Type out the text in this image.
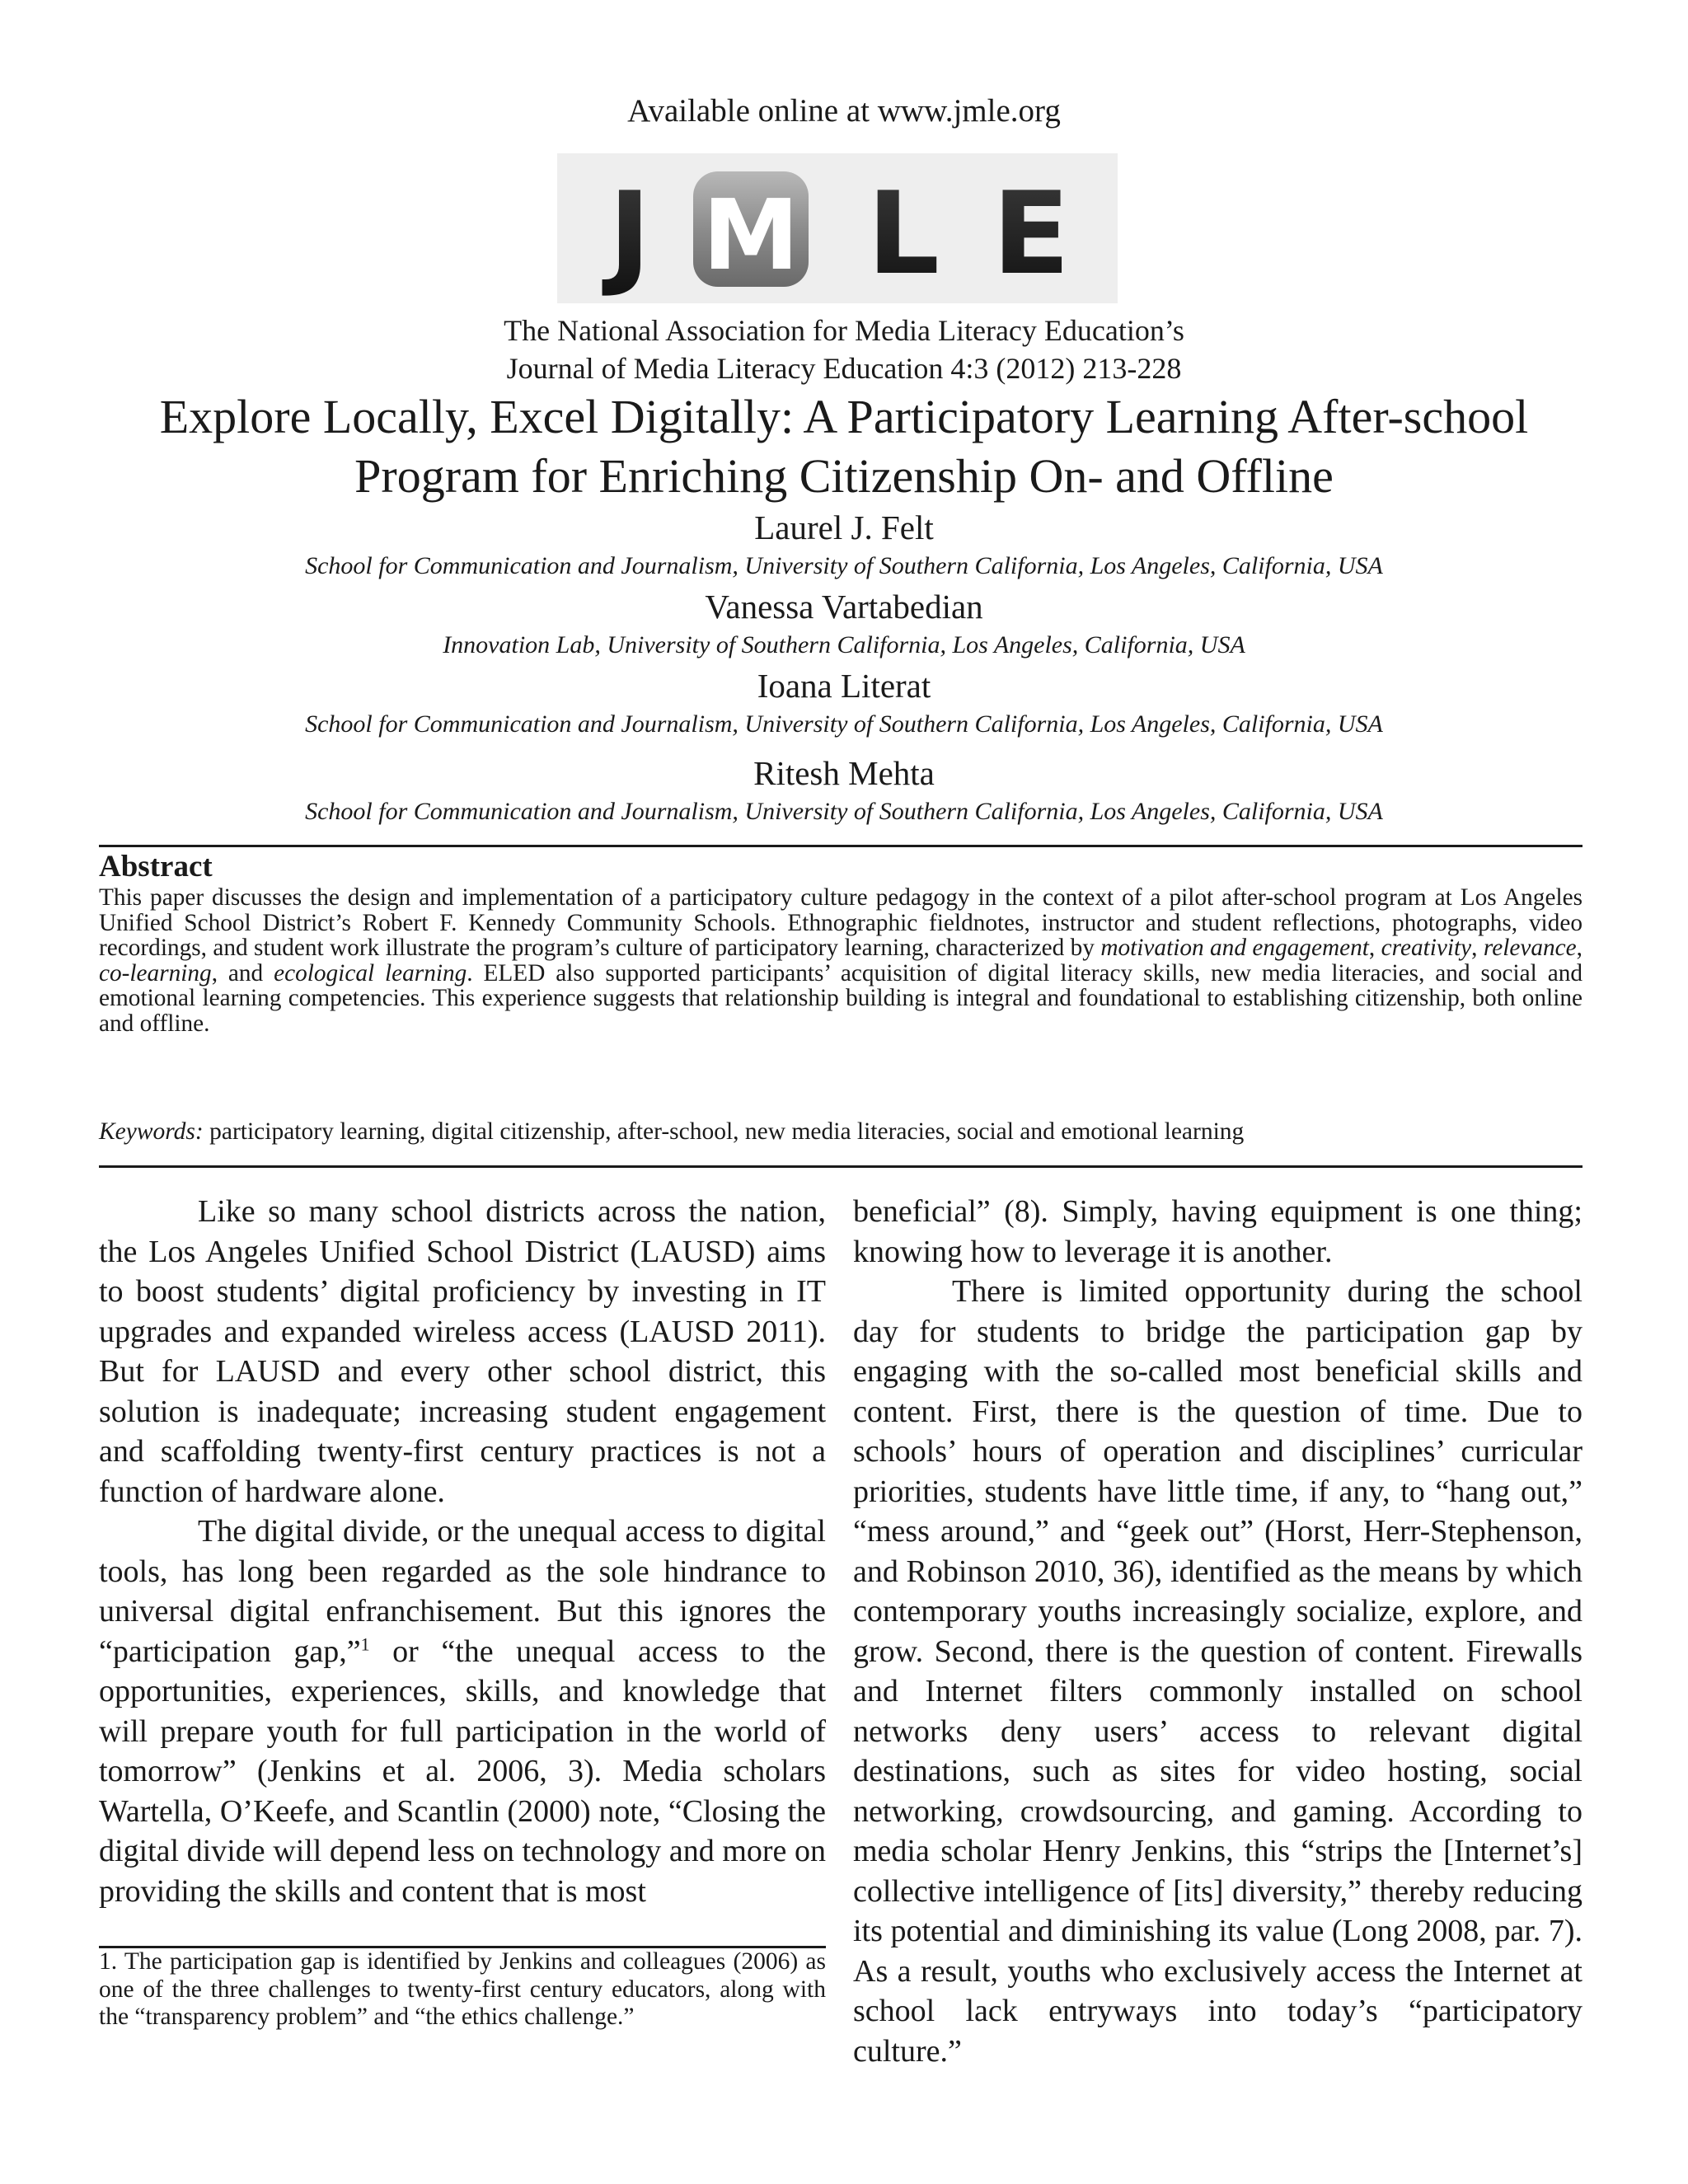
Available online at www.jmle.org
J M L E
The National Association for Media Literacy Education’s
Journal of Media Literacy Education 4:3 (2012) 213-228
Explore Locally, Excel Digitally: A Participatory Learning After-school
Program for Enriching Citizenship On- and Offline
Laurel J. Felt
School for Communication and Journalism, University of Southern California, Los Angeles, California, USA
Vanessa Vartabedian
Innovation Lab, University of Southern California, Los Angeles, California, USA
Ioana Literat
School for Communication and Journalism, University of Southern California, Los Angeles, California, USA
Ritesh Mehta
School for Communication and Journalism, University of Southern California, Los Angeles, California, USA
Abstract
This paper discusses the design and implementation of a participatory culture pedagogy in the context of a pilot after-school program at Los Angeles Unified School District’s Robert F. Kennedy Community Schools. Ethnographic fieldnotes, instructor and student reflections, photographs, video recordings, and student work illustrate the program’s culture of participatory learning, characterized by motivation and engagement, creativity, relevance, co-learning, and ecological learning. ELED also supported participants’ acquisition of digital literacy skills, new media literacies, and social and emotional learning competencies. This experience suggests that relationship building is integral and foundational to establishing citizenship, both online and offline.
Keywords: participatory learning, digital citizenship, after-school, new media literacies, social and emotional learning

Like so many school districts across the nation, the Los Angeles Unified School District (LAUSD) aims to boost students’ digital proficiency by investing in IT upgrades and expanded wireless access (LAUSD 2011). But for LAUSD and every other school district, this solution is inadequate; increasing student engagement and scaffolding twenty-first century practices is not a function of hardware alone.

The digital divide, or the unequal access to digital tools, has long been regarded as the sole hindrance to universal digital enfranchisement. But this ignores the “participation gap,”$^1$ or “the unequal access to the opportunities, experiences, skills, and knowledge that will prepare youth for full participation in the world of tomorrow” (Jenkins et al. 2006, 3). Media scholars Wartella, O’Keefe, and Scantlin (2000) note, “Closing the digital divide will depend less on technology and more on providing the skills and content that is most

beneficial” (8). Simply, having equipment is one thing; knowing how to leverage it is another.

There is limited opportunity during the school day for students to bridge the participation gap by engaging with the so-called most beneficial skills and content. First, there is the question of time. Due to schools’ hours of operation and disciplines’ curricular priorities, students have little time, if any, to “hang out,” “mess around,” and “geek out” (Horst, Herr-Stephenson, and Robinson 2010, 36), identified as the means by which contemporary youths increasingly socialize, explore, and grow. Second, there is the question of content. Firewalls and Internet filters commonly installed on school networks deny users’ access to relevant digital destinations, such as sites for video hosting, social networking, crowdsourcing, and gaming. According to media scholar Henry Jenkins, this “strips the [Internet’s] collective intelligence of [its] diversity,” thereby reducing its potential and diminishing its value (Long 2008, par. 7). As a result, youths who exclusively access the Internet at school lack entryways into today’s “participatory culture.”

1. The participation gap is identified by Jenkins and colleagues (2006) as one of the three challenges to twenty-first century educators, along with the “transparency problem” and “the ethics challenge.”
